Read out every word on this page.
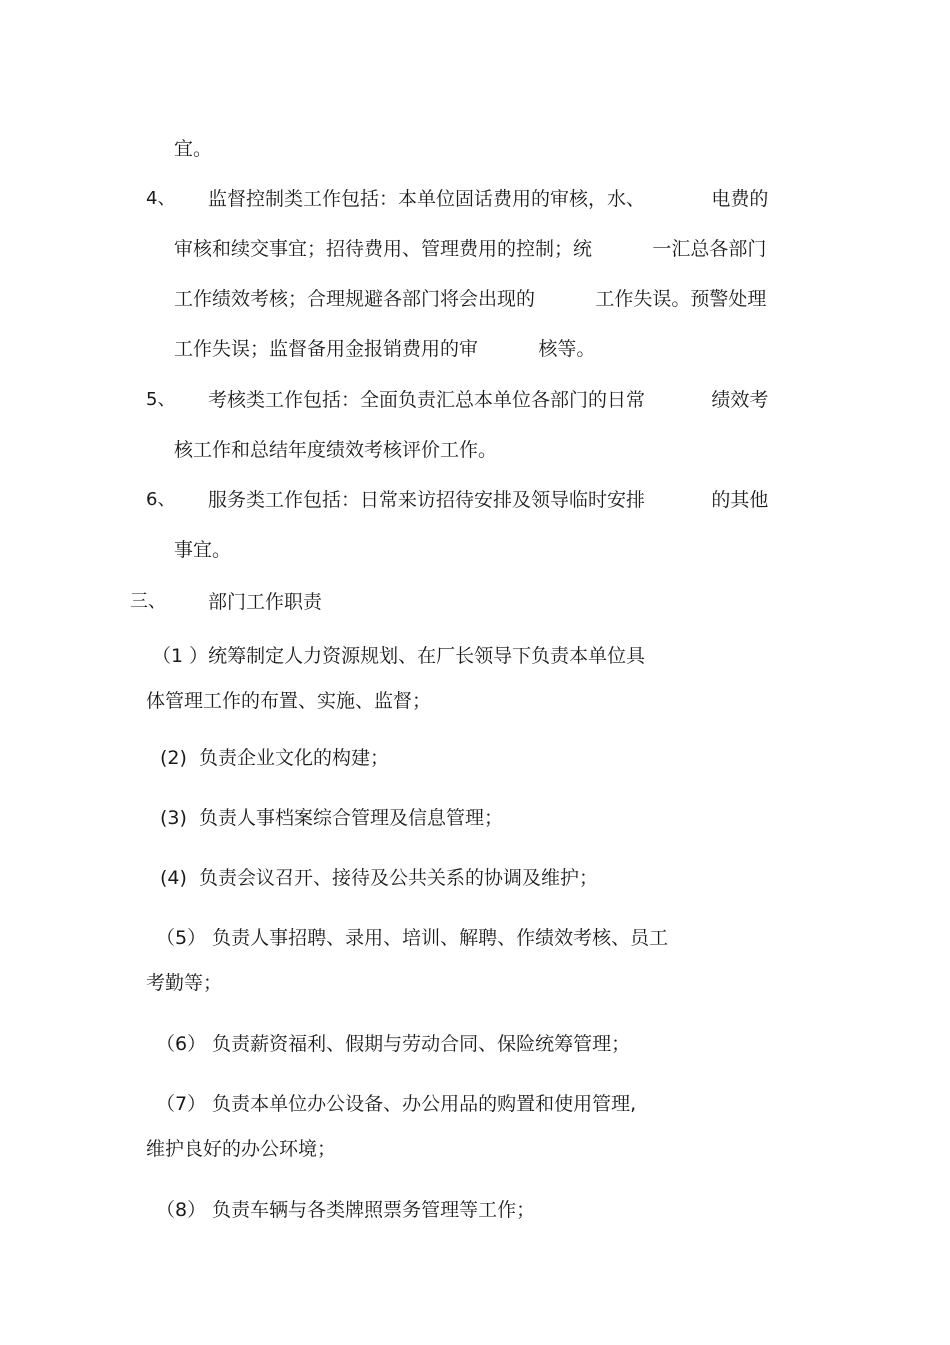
宜。
4、 监督控制类工作包括：本单位固话费用的审核，水、           电费的
审核和续交事宜；招待费用、管理费用的控制；统          一汇总各部门
工作绩效考核；合理规避各部门将会出现的          工作失误。预警处理
工作失误；监督备用金报销费用的审          核等。
5、 考核类工作包括：全面负责汇总本单位各部门的日常           绩效考
核工作和总结年度绩效考核评价工作。
6、 服务类工作包括：日常来访招待安排及领导临时安排           的其他
事宜。
三、 部门工作职责
（1 ）统筹制定人力资源规划、在厂长领导下负责本单位具
体管理工作的布置、实施、监督；
(2)  负责企业文化的构建；
(3)  负责人事档案综合管理及信息管理；
(4)  负责会议召开、接待及公共关系的协调及维护；
（5） 负责人事招聘、录用、培训、解聘、作绩效考核、员工
考勤等；
（6） 负责薪资福利、假期与劳动合同、保险统筹管理；
（7） 负责本单位办公设备、办公用品的购置和使用管理,
维护良好的办公环境；
（8） 负责车辆与各类牌照票务管理等工作；
